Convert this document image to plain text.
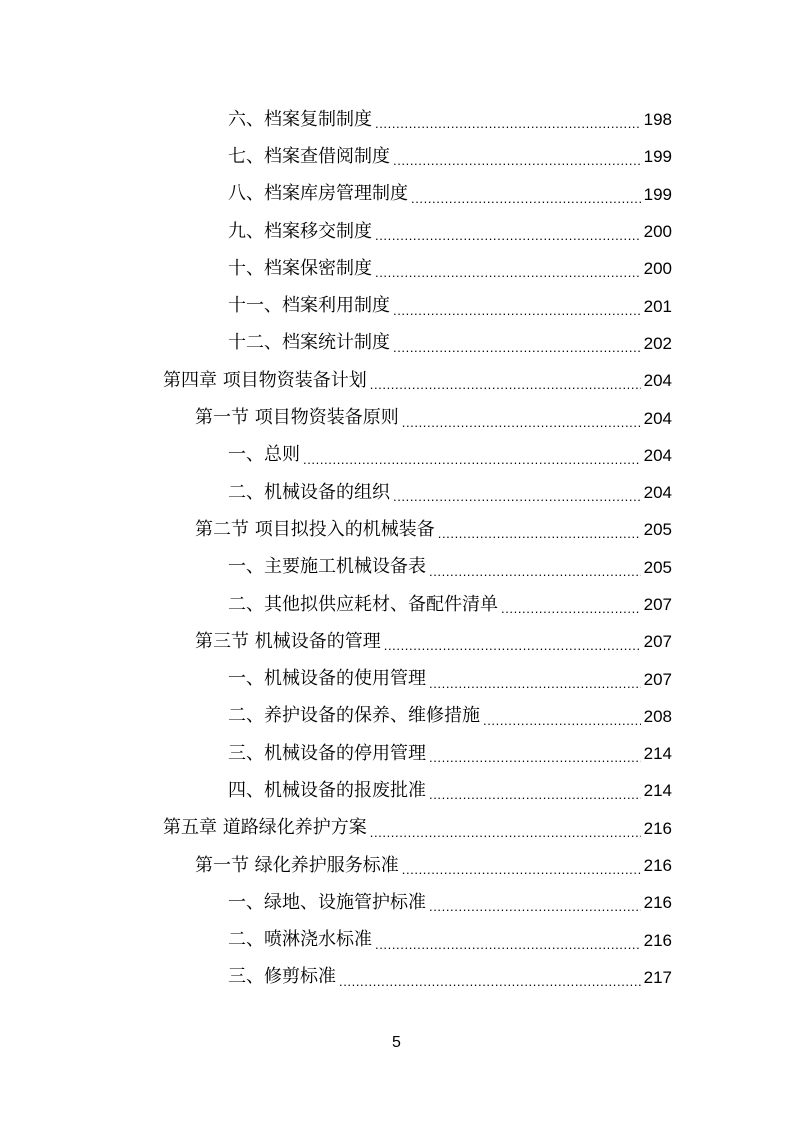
六、档案复制制度 .....	198
七、档案查借阅制度 .....	199
八、档案库房管理制度 .....	199
九、档案移交制度 .....	200
十、档案保密制度 .....	200
十一、档案利用制度 .....	201
十二、档案统计制度 .....	202
第四章 项目物资装备计划 .....	204
第一节 项目物资装备原则 .....	204
一、总则 .....	204
二、机械设备的组织 .....	204
第二节 项目拟投入的机械装备 .....	205
一、主要施工机械设备表 .....	205
二、其他拟供应耗材、备配件清单 .....	207
第三节 机械设备的管理 .....	207
一、机械设备的使用管理 .....	207
二、养护设备的保养、维修措施 .....	208
三、机械设备的停用管理 .....	214
四、机械设备的报废批准 .....	214
第五章 道路绿化养护方案 .....	216
第一节 绿化养护服务标准 .....	216
一、绿地、设施管护标准 .....	216
二、喷淋浇水标准 .....	216
三、修剪标准 .....	217
5
